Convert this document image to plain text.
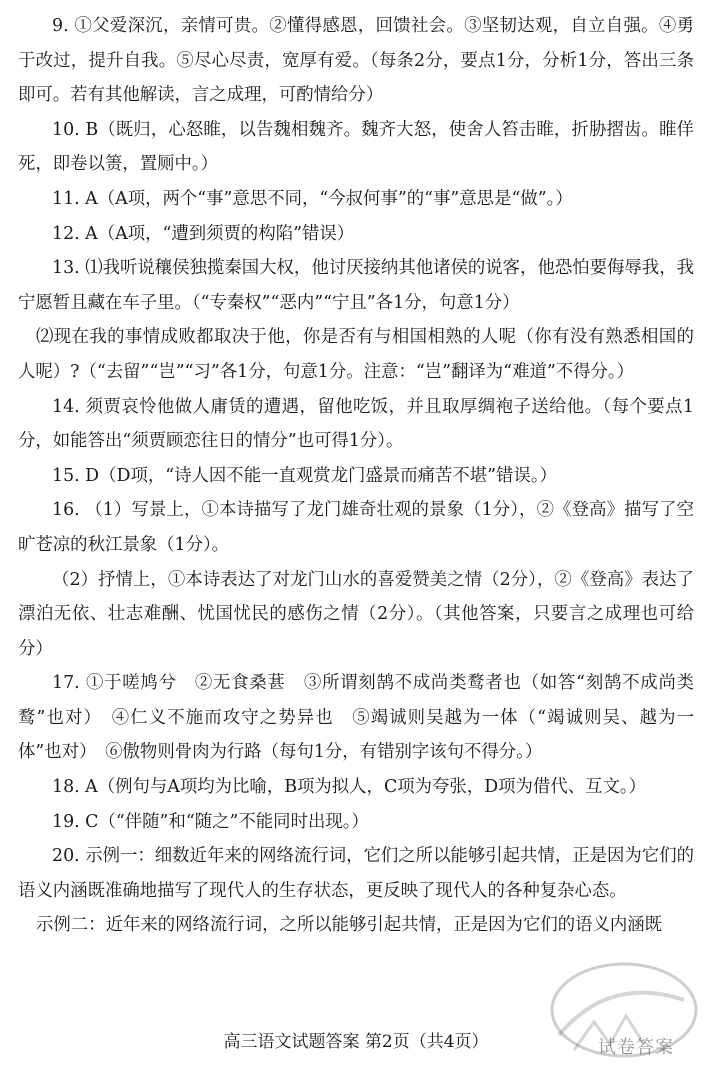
9. ①父爱深沉，亲情可贵。②懂得感恩，回馈社会。③坚韧达观，自立自强。④勇于改过，提升自我。⑤尽心尽责，宽厚有爱。（每条2分，要点1分，分析1分，答出三条即可。若有其他解读，言之成理，可酌情给分）

10. B（既归，心怒睢，以告魏相魏齐。魏齐大怒，使舍人笞击睢，折胁摺齿。睢佯死，即卷以箦，置厕中。）

11. A（A项，两个“事”意思不同，“今叔何事”的“事”意思是“做”。）

12. A（A项，“遭到须贾的构陷”错误）

13. ⑴我听说穰侯独揽秦国大权，他讨厌接纳其他诸侯的说客，他恐怕要侮辱我，我宁愿暂且藏在车子里。（“专秦权”“恶内”“宁且”各1分，句意1分）

⑵现在我的事情成败都取决于他，你是否有与相国相熟的人呢（你有没有熟悉相国的人呢）?（“去留”“岂”“习”各1分，句意1分。注意：“岂”翻译为“难道”不得分。）

14. 须贾哀怜他做人庸赁的遭遇，留他吃饭，并且取厚绸袍子送给他。（每个要点1分，如能答出“须贾顾恋往日的情分”也可得1分）。

15. D（D项，“诗人因不能一直观赏龙门盛景而痛苦不堪”错误。）

16. （1）写景上，①本诗描写了龙门雄奇壮观的景象（1分），②《登高》描写了空旷苍凉的秋江景象（1分）。

（2）抒情上，①本诗表达了对龙门山水的喜爱赞美之情（2分），②《登高》表达了漂泊无依、壮志难酬、忧国忧民的感伤之情（2分）。（其他答案，只要言之成理也可给分）

17. ①于嗟鸠兮　②无食桑葚　③所谓刻鹄不成尚类鹜者也（如答“刻鹄不成尚类鹜”也对）　④仁义不施而攻守之势异也　⑤竭诚则吴越为一体（“竭诚则吴、越为一体”也对）　⑥傲物则骨肉为行路（每句1分，有错别字该句不得分。）

18. A（例句与A项均为比喻，B项为拟人，C项为夸张，D项为借代、互文。）

19. C（“伴随”和“随之”不能同时出现。）

20. 示例一：细数近年来的网络流行词，它们之所以能够引起共情，正是因为它们的语义内涵既准确地描写了现代人的生存状态，更反映了现代人的各种复杂心态。

示例二：近年来的网络流行词，之所以能够引起共情，正是因为它们的语义内涵既

高三语文试题答案 第2页（共4页）	试卷答案
